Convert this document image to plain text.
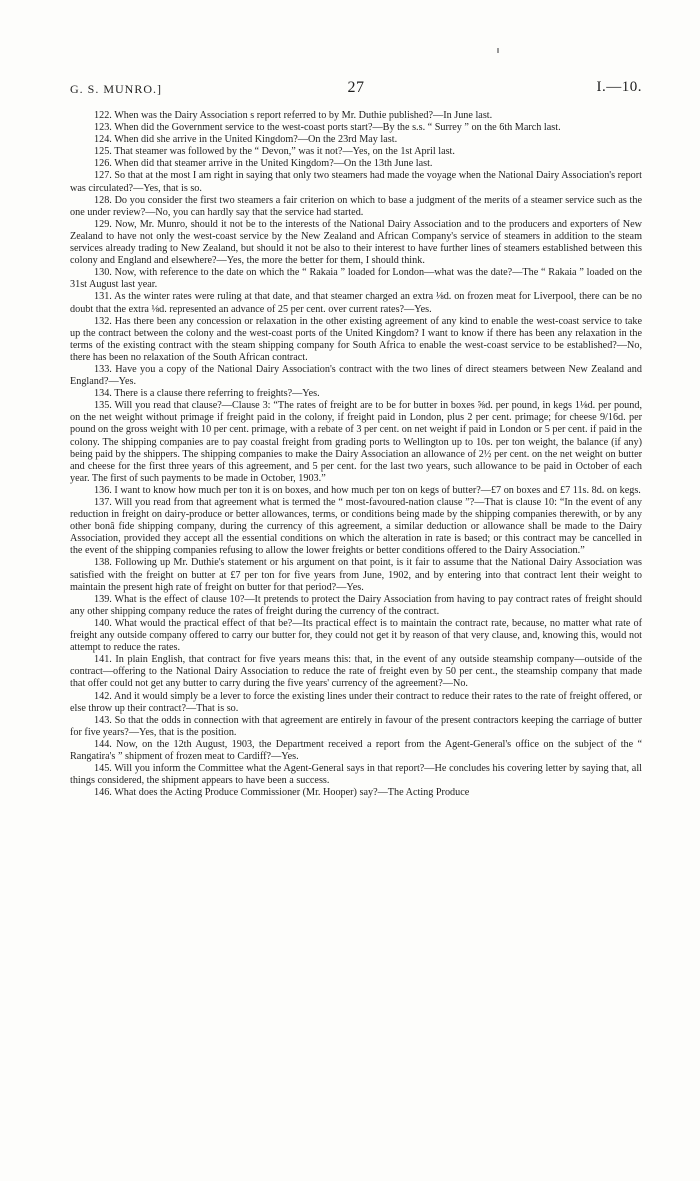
G. S. MUNRO.]	27	I.—10.

122. When was the Dairy Association s report referred to by Mr. Duthie published?—In June last.

123. When did the Government service to the west-coast ports start?—By the s.s. “ Surrey ” on the 6th March last.

124. When did she arrive in the United Kingdom?—On the 23rd May last.

125. That steamer was followed by the “ Devon,” was it not?—Yes, on the 1st April last.

126. When did that steamer arrive in the United Kingdom?—On the 13th June last.

127. So that at the most I am right in saying that only two steamers had made the voyage when the National Dairy Association's report was circulated?—Yes, that is so.

128. Do you consider the first two steamers a fair criterion on which to base a judgment of the merits of a steamer service such as the one under review?—No, you can hardly say that the service had started.

129. Now, Mr. Munro, should it not be to the interests of the National Dairy Association and to the producers and exporters of New Zealand to have not only the west-coast service by the New Zealand and African Company's service of steamers in addition to the steam services already trading to New Zealand, but should it not be also to their interest to have further lines of steamers established between this colony and England and elsewhere?—Yes, the more the better for them, I should think.

130. Now, with reference to the date on which the “ Rakaia ” loaded for London—what was the date?—The “ Rakaia ” loaded on the 31st August last year.

131. As the winter rates were ruling at that date, and that steamer charged an extra ⅛d. on frozen meat for Liverpool, there can be no doubt that the extra ⅛d. represented an advance of 25 per cent. over current rates?—Yes.

132. Has there been any concession or relaxation in the other existing agreement of any kind to enable the west-coast service to take up the contract between the colony and the west-coast ports of the United Kingdom? I want to know if there has been any relaxation in the terms of the existing contract with the steam shipping company for South Africa to enable the west-coast service to be established?—No, there has been no relaxation of the South African contract.

133. Have you a copy of the National Dairy Association's contract with the two lines of direct steamers between New Zealand and England?—Yes.

134. There is a clause there referring to freights?—Yes.

135. Will you read that clause?—Clause 3: “The rates of freight are to be for butter in boxes ⅝d. per pound, in kegs 1⅛d. per pound, on the net weight without primage if freight paid in the colony, if freight paid in London, plus 2 per cent. primage; for cheese 9/16d. per pound on the gross weight with 10 per cent. primage, with a rebate of 3 per cent. on net weight if paid in London or 5 per cent. if paid in the colony. The shipping companies are to pay coastal freight from grading ports to Wellington up to 10s. per ton weight, the balance (if any) being paid by the shippers. The shipping companies to make the Dairy Association an allowance of 2½ per cent. on the net weight on butter and cheese for the first three years of this agreement, and 5 per cent. for the last two years, such allowance to be paid in October of each year. The first of such payments to be made in October, 1903.”

136. I want to know how much per ton it is on boxes, and how much per ton on kegs of butter?—£7 on boxes and £7 11s. 8d. on kegs.

137. Will you read from that agreement what is termed the “ most-favoured-nation clause ”?—That is clause 10: “In the event of any reduction in freight on dairy-produce or better allowances, terms, or conditions being made by the shipping companies therewith, or by any other bonâ fide shipping company, during the currency of this agreement, a similar deduction or allowance shall be made to the Dairy Association, provided they accept all the essential conditions on which the alteration in rate is based; or this contract may be cancelled in the event of the shipping companies refusing to allow the lower freights or better conditions offered to the Dairy Association.”

138. Following up Mr. Duthie's statement or his argument on that point, is it fair to assume that the National Dairy Association was satisfied with the freight on butter at £7 per ton for five years from June, 1902, and by entering into that contract lent their weight to maintain the present high rate of freight on butter for that period?—Yes.

139. What is the effect of clause 10?—It pretends to protect the Dairy Association from having to pay contract rates of freight should any other shipping company reduce the rates of freight during the currency of the contract.

140. What would the practical effect of that be?—Its practical effect is to maintain the contract rate, because, no matter what rate of freight any outside company offered to carry our butter for, they could not get it by reason of that very clause, and, knowing this, would not attempt to reduce the rates.

141. In plain English, that contract for five years means this: that, in the event of any outside steamship company—outside of the contract—offering to the National Dairy Association to reduce the rate of freight even by 50 per cent., the steamship company that made that offer could not get any butter to carry during the five years' currency of the agreement?—No.

142. And it would simply be a lever to force the existing lines under their contract to reduce their rates to the rate of freight offered, or else throw up their contract?—That is so.

143. So that the odds in connection with that agreement are entirely in favour of the present contractors keeping the carriage of butter for five years?—Yes, that is the position.

144. Now, on the 12th August, 1903, the Department received a report from the Agent-General's office on the subject of the “ Rangatira's ” shipment of frozen meat to Cardiff?—Yes.

145. Will you inform the Committee what the Agent-General says in that report?—He concludes his covering letter by saying that, all things considered, the shipment appears to have been a success.

146. What does the Acting Produce Commissioner (Mr. Hooper) say?—The Acting Produce
